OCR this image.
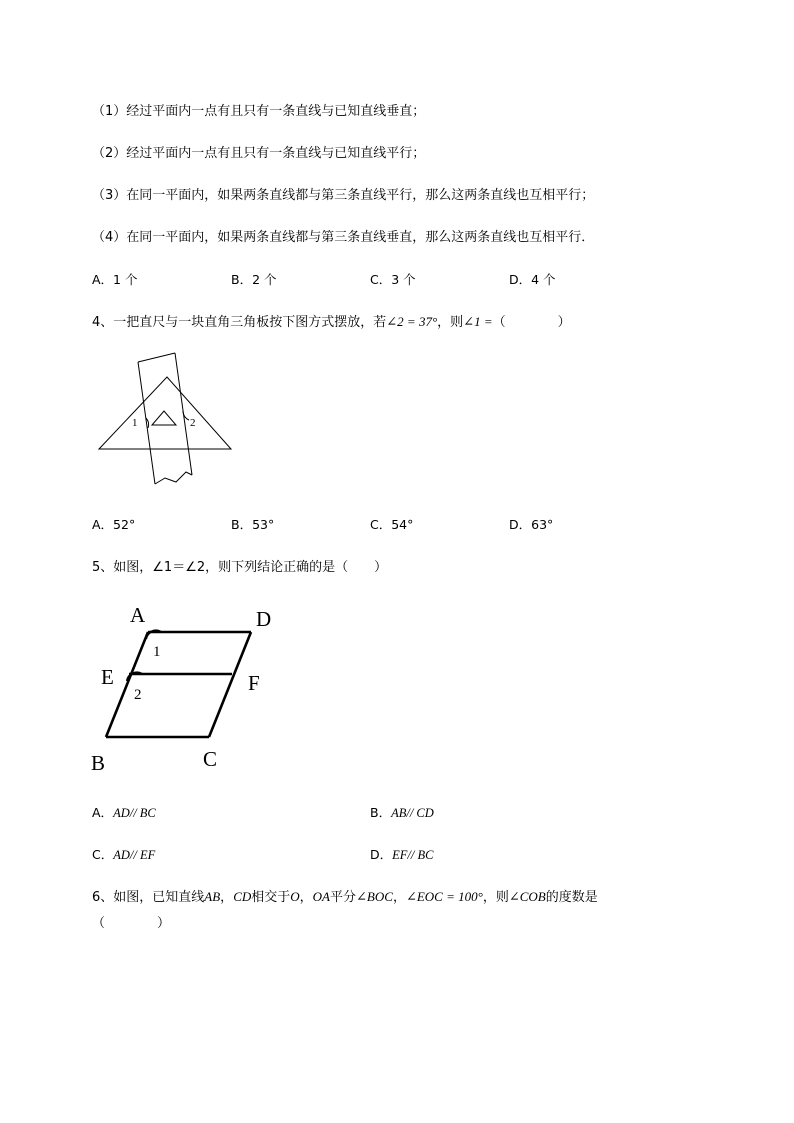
（1）经过平面内一点有且只有一条直线与已知直线垂直；
（2）经过平面内一点有且只有一条直线与已知直线平行；
（3）在同一平面内，如果两条直线都与第三条直线平行，那么这两条直线也互相平行；
（4）在同一平面内，如果两条直线都与第三条直线垂直，那么这两条直线也互相平行．
A．1 个	B．2 个	C．3 个	D．4 个
4、一把直尺与一块直角三角板按下图方式摆放，若∠2 = 37°，则∠1 =（　　　　）
1	2
A．52°	B．53°	C．54°	D．63°
5、如图，∠1＝∠2，则下列结论正确的是（　　）
A	D
E	F
B	C
1
2
A．AD// BC	B．AB// CD
C．AD// EF	D．EF// BC
6、如图，已知直线AB，CD相交于O，OA平分∠BOC，∠EOC = 100°，则∠COB的度数是
（　　　　）
